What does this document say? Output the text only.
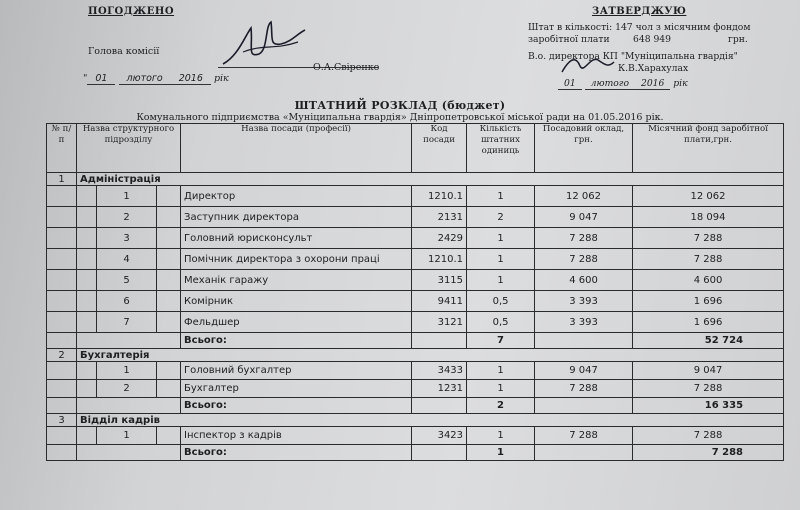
ПОГОДЖЕНО
Голова комісії
О.А.Свіренко
" 01 лютого 2016 рік
ЗАТВЕРДЖУЮ
Штат в кількості: 147 чол з місячним фондом
заробітної плати	648 949	грн.
В.о. директора КП "Муніципальна гвардія"
К.В.Харахулах
01 лютого 2016 рік
ШТАТНИЙ РОЗКЛАД (бюджет)
Комунального підприємства «Муніципальна гвардія» Дніпропетровської міської ради на 01.05.2016 рік.
№ п/п	Назва структурного підрозділу			Назва посади (професії)	Код посади	Кількість штатних одиниць	Посадовий оклад, грн.	Місячний фонд заробітної плати,грн.
1	Адміністрація							
		1		Директор	1210.1	1	12 062	12 062
		2		Заступник директора	2131	2	9 047	18 094
		3		Головний юрисконсульт	2429	1	7 288	7 288
		4		Помічник директора з охорони праці	1210.1	1	7 288	7 288
		5		Механік гаражу	3115	1	4 600	4 600
		6		Комірник	9411	0,5	3 393	1 696
		7		Фельдшер	3121	0,5	3 393	1 696
				Всього:		7		52 724
2	Бухгалтерія							
		1		Головний бухгалтер	3433	1	9 047	9 047
		2		Бухгалтер	1231	1	7 288	7 288
				Всього:		2		16 335
3	Відділ кадрів							
		1		Інспектор з кадрів	3423	1	7 288	7 288
				Всього:		1		7 288
